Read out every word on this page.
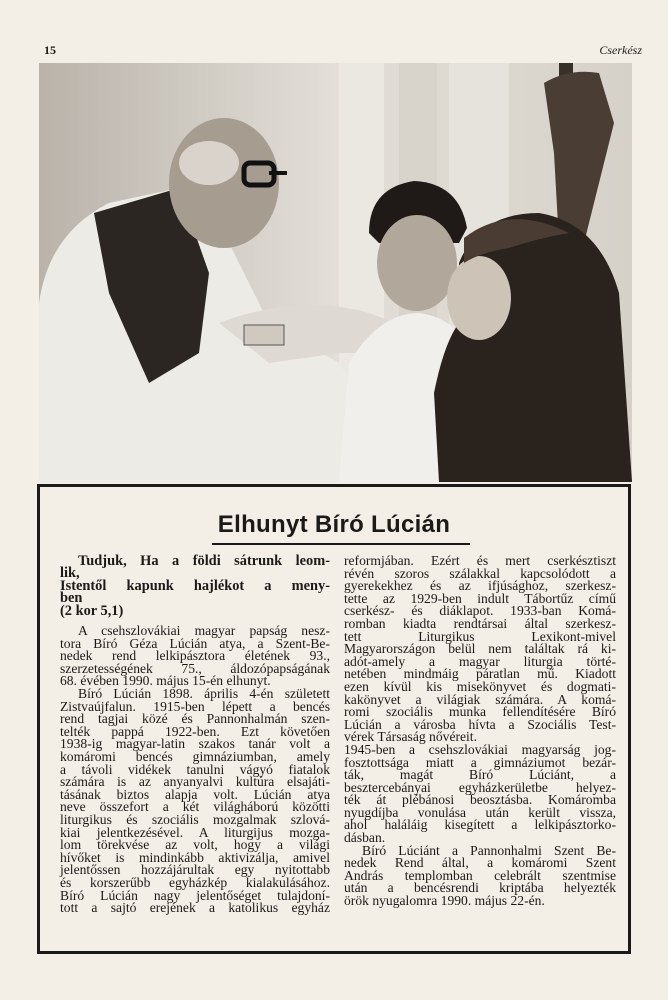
15	Cserkész
Elhunyt Bíró Lúcián
Tudjuk, Ha a földi sátrunk leom-
lik,
Istentől kapunk hajlékot a meny-
ben
(2 kor 5,1)
A csehszlovákiai magyar papság nesz-
tora Bíró Géza Lúcián atya, a Szent-Be-
nedek rend lelkipásztora életének 93.,
szerzetességének 75., áldozópapságának
68. évében 1990. május 15-én elhunyt.
Bíró Lúcián 1898. április 4-én született
Zistvaújfalun. 1915-ben lépett a bencés
rend tagjai közé és Pannonhalmán szen-
telték pappá 1922-ben. Ezt követően
1938-ig magyar-latin szakos tanár volt a
komáromi bencés gimnáziumban, amely
a távoli vidékek tanulni vágyó fiatalok
számára is az anyanyalvi kultúra elsajáti-
tásának biztos alapja volt. Lúcián atya
neve összefort a két világháború közötti
liturgikus és szociális mozgalmak szlová-
kiai jelentkezésével. A liturgijus mozga-
lom törekvése az volt, hogy a világi
hívőket is mindinkább aktivizálja, amivel
jelentőssen hozzájárultak egy nyitottabb
és korszerűbb egyházkép kialakulásához.
Bíró Lúcián nagy jelentőséget tulajdoní-
tott a sajtó erejének a katolikus egyház
reformjában. Ezért és mert cserkésztiszt
révén szoros szálakkal kapcsolódott a
gyerekekhez és az ifjúsághoz, szerkesz-
tette az 1929-ben indult Tábortűz című
cserkész- és diáklapot. 1933-ban Komá-
romban kiadta rendtársai által szerkesz-
tett Liturgikus Lexikont-mivel
Magyarországon belül nem találtak rá ki-
adót-amely a magyar liturgia törté-
netében mindmáig páratlan mű. Kiadott
ezen kívül kis misekönyvet és dogmati-
kakönyvet a világiak számára. A komá-
romi szociális munka fellendítésére Bíró
Lúcián a városba hívta a Szociális Test-
vérek Társaság nővéreit.
1945-ben a csehszlovákiai magyarság jog-
fosztottsága miatt a gimnáziumot bezár-
ták, magát Bíró Lúciánt, a
besztercebányai egyházkerületbe helyez-
ték át plébánosi beosztásba. Komáromba
nyugdíjba vonulása után került vissza,
ahol haláláig kisegített a lelkipásztorko-
dásban.
Bíró Lúciánt a Pannonhalmi Szent Be-
nedek Rend által, a komáromi Szent
András templomban celebrált szentmise
után a bencésrendi kriptába helyezték
örök nyugalomra 1990. május 22-én.
